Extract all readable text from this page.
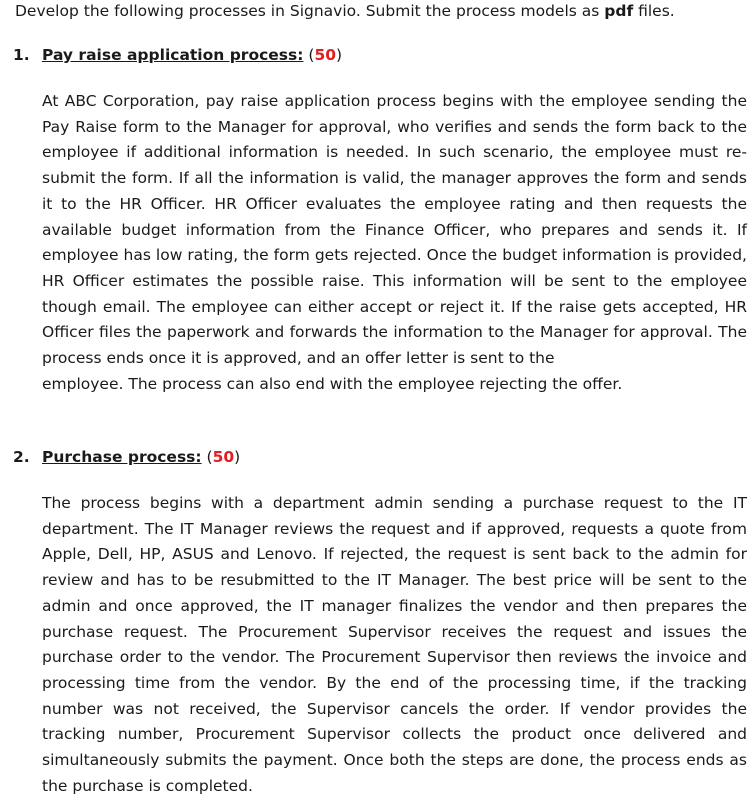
Develop the following processes in Signavio. Submit the process models as pdf files.
1. Pay raise application process: (50)
At ABC Corporation, pay raise application process begins with the employee sending the Pay Raise form to the Manager for approval, who verifies and sends the form back to the employee if additional information is needed. In such scenario, the employee must re-submit the form. If all the information is valid, the manager approves the form and sends it to the HR Officer. HR Officer evaluates the employee rating and then requests the available budget information from the Finance Officer, who prepares and sends it. If employee has low rating, the form gets rejected. Once the budget information is provided, HR Officer estimates the possible raise. This information will be sent to the employee though email. The employee can either accept or reject it. If the raise gets accepted, HR Officer files the paperwork and forwards the information to the Manager for approval. The process ends once it is approved, and an offer letter is sent to the
employee. The process can also end with the employee rejecting the offer.
2. Purchase process: (50)
The process begins with a department admin sending a purchase request to the IT department. The IT Manager reviews the request and if approved, requests a quote from Apple, Dell, HP, ASUS and Lenovo. If rejected, the request is sent back to the admin for review and has to be resubmitted to the IT Manager. The best price will be sent to the admin and once approved, the IT manager finalizes the vendor and then prepares the purchase request. The Procurement Supervisor receives the request and issues the purchase order to the vendor. The Procurement Supervisor then reviews the invoice and processing time from the vendor. By the end of the processing time, if the tracking number was not received, the Supervisor cancels the order. If vendor provides the tracking number, Procurement Supervisor collects the product once delivered and simultaneously submits the payment. Once both the steps are done, the process ends as the purchase is completed.
